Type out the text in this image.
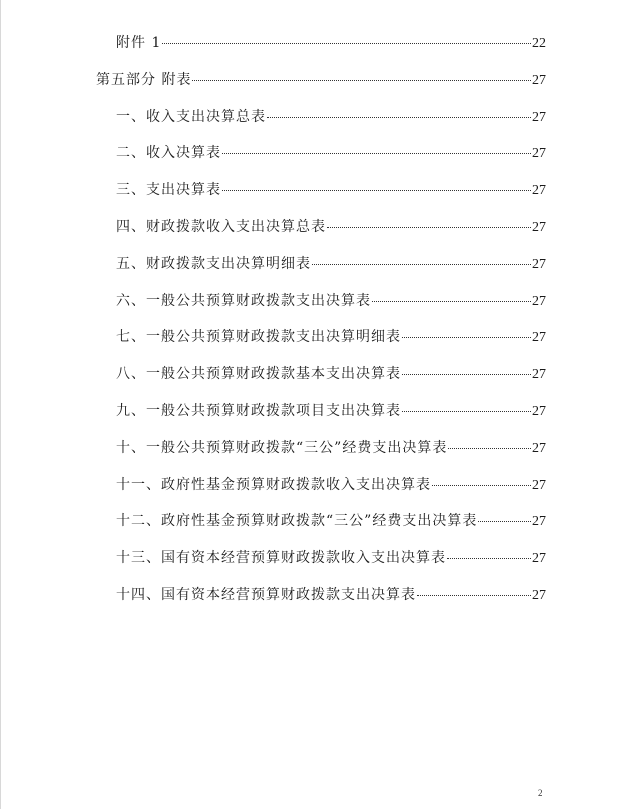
附件 1	22
第五部分 附表	27
一、收入支出决算总表	27
二、收入决算表	27
三、支出决算表	27
四、财政拨款收入支出决算总表	27
五、财政拨款支出决算明细表	27
六、一般公共预算财政拨款支出决算表	27
七、一般公共预算财政拨款支出决算明细表	27
八、一般公共预算财政拨款基本支出决算表	27
九、一般公共预算财政拨款项目支出决算表	27
十、一般公共预算财政拨款“三公”经费支出决算表	27
十一、政府性基金预算财政拨款收入支出决算表	27
十二、政府性基金预算财政拨款“三公”经费支出决算表	27
十三、国有资本经营预算财政拨款收入支出决算表	27
十四、国有资本经营预算财政拨款支出决算表	27
2
